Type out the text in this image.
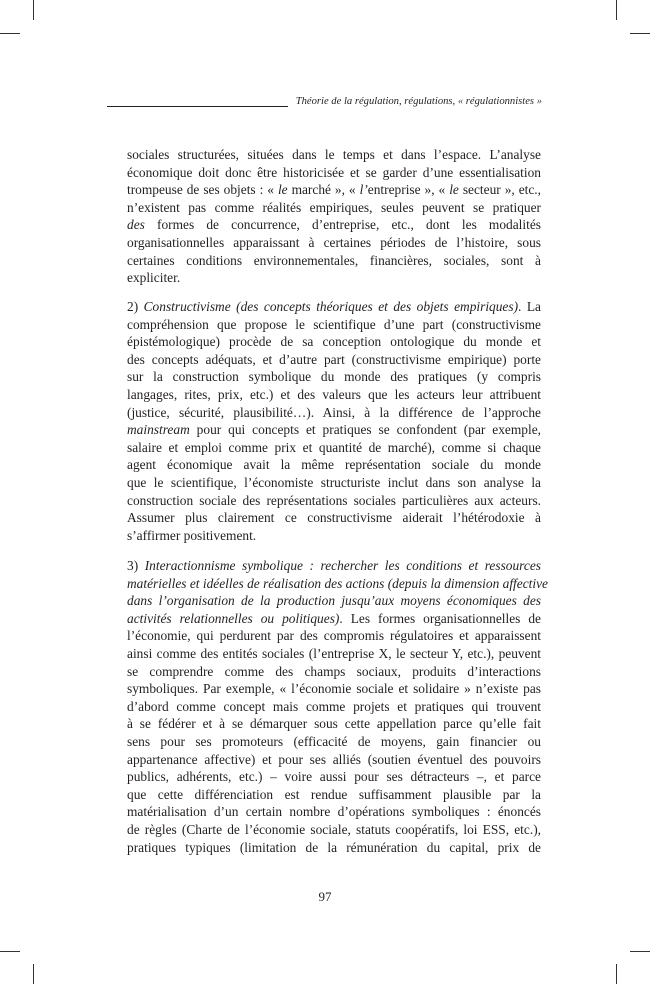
Théorie de la régulation, régulations, « régulationnistes »
sociales structurées, situées dans le temps et dans l’espace. L’analyse
économique doit donc être historicisée et se garder d’une essentialisation
trompeuse de ses objets : « le marché », « l’entreprise », « le secteur », etc.,
n’existent pas comme réalités empiriques, seules peuvent se pratiquer
des formes de concurrence, d’entreprise, etc., dont les modalités
organisationnelles apparaissant à certaines périodes de l’histoire, sous
certaines conditions environnementales, financières, sociales, sont à
expliciter.
2) Constructivisme (des concepts théoriques et des objets empiriques). La
compréhension que propose le scientifique d’une part (constructivisme
épistémologique) procède de sa conception ontologique du monde et
des concepts adéquats, et d’autre part (constructivisme empirique) porte
sur la construction symbolique du monde des pratiques (y compris
langages, rites, prix, etc.) et des valeurs que les acteurs leur attribuent
(justice, sécurité, plausibilité…). Ainsi, à la différence de l’approche
mainstream pour qui concepts et pratiques se confondent (par exemple,
salaire et emploi comme prix et quantité de marché), comme si chaque
agent économique avait la même représentation sociale du monde
que le scientifique, l’économiste structuriste inclut dans son analyse la
construction sociale des représentations sociales particulières aux acteurs.
Assumer plus clairement ce constructivisme aiderait l’hétérodoxie à
s’affirmer positivement.
3) Interactionnisme symbolique : rechercher les conditions et ressources
matérielles et idéelles de réalisation des actions (depuis la dimension affective
dans l’organisation de la production jusqu’aux moyens économiques des
activités relationnelles ou politiques). Les formes organisationnelles de
l’économie, qui perdurent par des compromis régulatoires et apparaissent
ainsi comme des entités sociales (l’entreprise X, le secteur Y, etc.), peuvent
se comprendre comme des champs sociaux, produits d’interactions
symboliques. Par exemple, « l’économie sociale et solidaire » n’existe pas
d’abord comme concept mais comme projets et pratiques qui trouvent
à se fédérer et à se démarquer sous cette appellation parce qu’elle fait
sens pour ses promoteurs (efficacité de moyens, gain financier ou
appartenance affective) et pour ses alliés (soutien éventuel des pouvoirs
publics, adhérents, etc.) – voire aussi pour ses détracteurs –, et parce
que cette différenciation est rendue suffisamment plausible par la
matérialisation d’un certain nombre d’opérations symboliques : énoncés
de règles (Charte de l’économie sociale, statuts coopératifs, loi ESS, etc.),
pratiques typiques (limitation de la rémunération du capital, prix de
97
